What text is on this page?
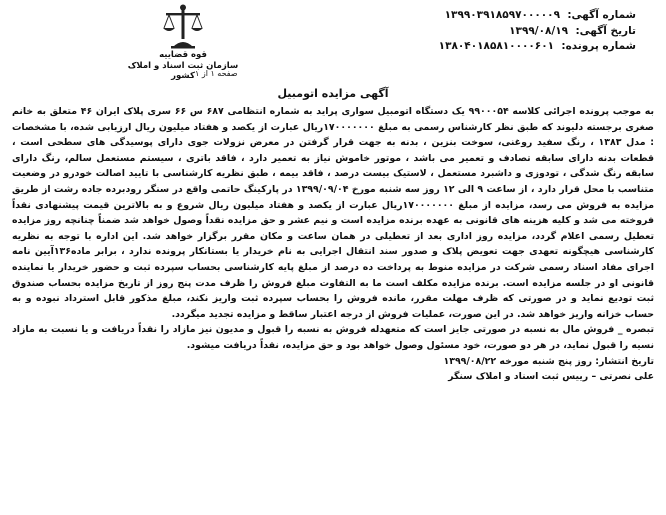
شماره آگهی: ۱۳۹۹۰۳۹۱۸۵۹۷۰۰۰۰۰۹
تاریخ آگهی: ۱۳۹۹/۰۸/۱۹
شماره پرونده: ۱۳۸۰۴۰۱۸۵۸۱۰۰۰۰۶۰۱
قوه قضاییه
سازمان ثبت اسناد و املاک کشور صفحه ۱ از ۱
آگهی مزایده اتومبیل

به موجب پرونده اجرائی کلاسه ۹۹۰۰۰۵۴ یک دستگاه اتومبیل سواری پراید به شماره انتظامی ۶۸۷ س ۶۶ سری پلاک ایران ۴۶ متعلق به خانم صغری برجسته دلیوند که طبق نظر کارشناس رسمی به مبلغ ۱۷۰۰۰۰۰۰۰ریال عبارت از یکصد و هفتاد میلیون ریال ارزیابی شده، با مشخصات : مدل ۱۳۸۳ ، رنگ سفید روغنی، سوخت بنزین ، بدنه به جهت قرار گرفتن در معرض نزولات جوی دارای پوسیدگی های سطحی است ، قطعات بدنه دارای سابقه تصادف و تعمیر می باشد ، موتور خاموش نیاز به تعمیر دارد ، فاقد باتری ، سیستم مستعمل سالم، رنگ دارای سابقه رنگ شدگی ، تودوزی و داشبرد مستعمل ، لاستیک بیست درصد ، فاقد بیمه ، طبق نظریه کارشناسی با تایید اصالت خودرو در وضعیت متناسب با محل قرار دارد ، از ساعت ۹ الی ۱۲ روز سه شنبه مورخ ۱۳۹۹/۰۹/۰۴ در پارکینگ حاتمی واقع در سنگر رودبرده جاده رشت از طریق مزایده به فروش می رسد، مزایده از مبلغ ۱۷۰۰۰۰۰۰۰ریال عبارت از یکصد و هفتاد میلیون ریال شروع و به بالاترین قیمت پیشنهادی نقداً فروخته می شد و کلیه هزینه های قانونی به عهده برنده مزایده است و نیم عشر و حق مزایده نقداً وصول خواهد شد ضمناً چنانچه روز مزایده تعطیل رسمی اعلام گردد، مزایده روز اداری بعد از تعطیلی در همان ساعت و مکان مقرر برگزار خواهد شد. این اداره با توجه به نظریه کارشناسی هیچگونه تعهدی جهت تعویض پلاک و صدور سند انتقال اجرایی به نام خریدار یا بستانکار پرونده ندارد ، برابر ماده۱۳۶آیین نامه اجرای مفاد اسناد رسمی شرکت در مزایده منوط به پرداخت ده درصد از مبلغ پایه کارشناسی بحساب سپرده ثبت و حضور خریدار یا نماینده قانونی او در جلسه مزایده است. برنده مزایده مکلف است ما به التفاوت مبلغ فروش را ظرف مدت پنج روز از تاریخ مزایده بحساب صندوق ثبت توديع نمايد و در صورتی که ظرف مهلت مقرر، مانده فروش را بحساب سپرده ثبت واریز نکند، مبلغ مذکور قابل استرداد نبوده و به حساب خزانه واریز خواهد شد. در این صورت، عملیات فروش از درجه اعتبار ساقط و مزایده تجدید میگردد.

تبصره _ فروش مال به نسبه در صورتی جایز است که متعهدله فروش به نسبه را قبول و مدیون نیز مازاد را نقداً دریافت و یا نسبت به مازاد نسیه را قبول نماید، در هر دو صورت، خود مسئول وصول خواهد بود و حق مزایده، نقداً دریافت میشود.

تاریخ انتشار: روز پنج شنبه مورخه ۱۳۹۹/۰۸/۲۲

علی نصرتی – رییس ثبت اسناد و املاک سنگر
